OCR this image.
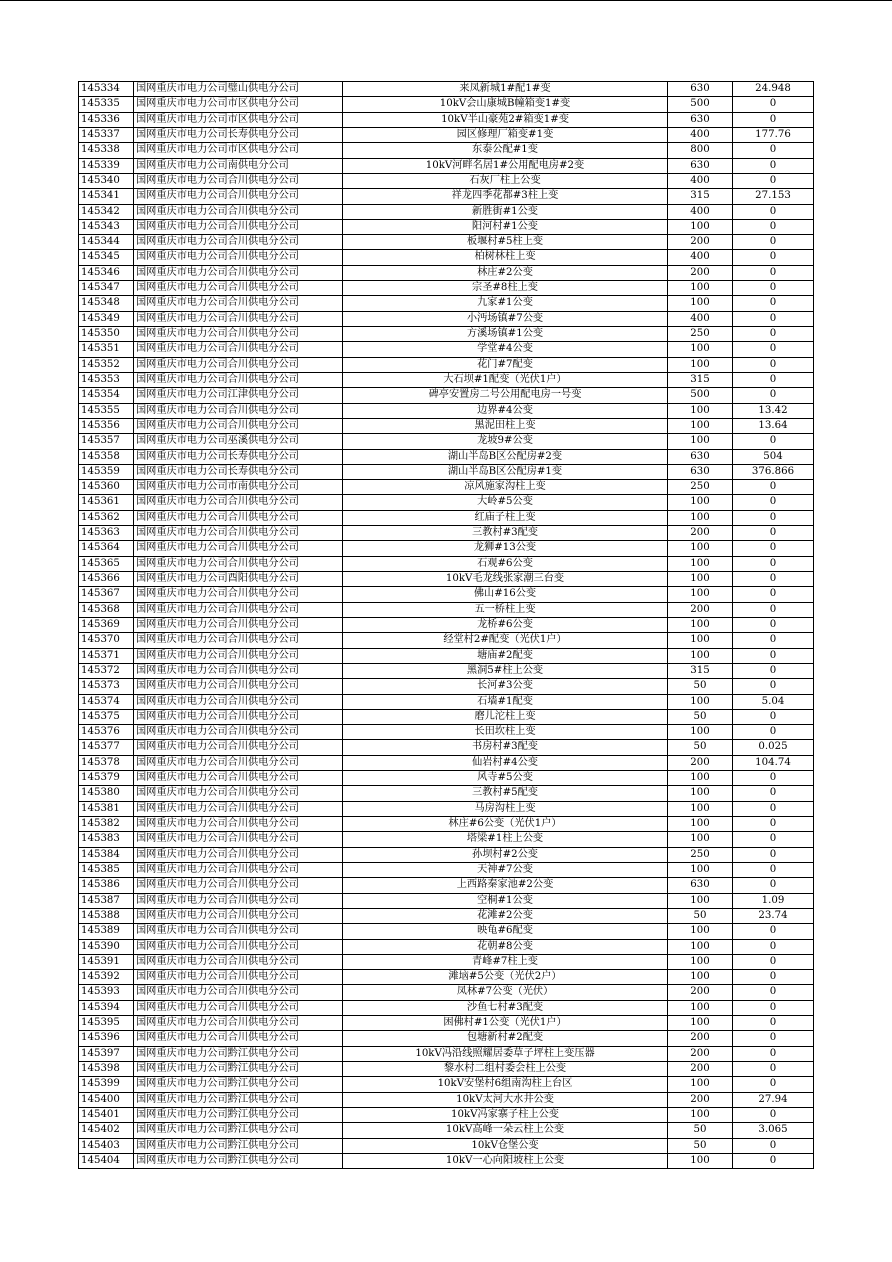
145334	国网重庆市电力公司璧山供电分公司	来凤新城1#配1#变	630	24.948
145335	国网重庆市电力公司市区供电分公司	10kV会山康城B幢箱变1#变	500	0
145336	国网重庆市电力公司市区供电分公司	10kV半山豪苑2#箱变1#变	630	0
145337	国网重庆市电力公司长寿供电分公司	园区修理厂箱变#1变	400	177.76
145338	国网重庆市电力公司市区供电分公司	东泰公配#1变	800	0
145339	国网重庆市电力公司南供电分公司	10kV河畔名居1#公用配电房#2变	630	0
145340	国网重庆市电力公司合川供电分公司	石灰厂柱上公变	400	0
145341	国网重庆市电力公司合川供电分公司	祥龙四季花都#3柱上变	315	27.153
145342	国网重庆市电力公司合川供电分公司	新胜街#1公变	400	0
145343	国网重庆市电力公司合川供电分公司	阳河村#1公变	100	0
145344	国网重庆市电力公司合川供电分公司	板堰村#5柱上变	200	0
145345	国网重庆市电力公司合川供电分公司	柏树林柱上变	400	0
145346	国网重庆市电力公司合川供电分公司	林庄#2公变	200	0
145347	国网重庆市电力公司合川供电分公司	宗圣#8柱上变	100	0
145348	国网重庆市电力公司合川供电分公司	九家#1公变	100	0
145349	国网重庆市电力公司合川供电分公司	小沔场镇#7公变	400	0
145350	国网重庆市电力公司合川供电分公司	方溪场镇#1公变	250	0
145351	国网重庆市电力公司合川供电分公司	学堂#4公变	100	0
145352	国网重庆市电力公司合川供电分公司	花门#7配变	100	0
145353	国网重庆市电力公司合川供电分公司	大石坝#1配变（光伏1户）	315	0
145354	国网重庆市电力公司江津供电分公司	碑亭安置房二号公用配电房一号变	500	0
145355	国网重庆市电力公司合川供电分公司	边界#4公变	100	13.42
145356	国网重庆市电力公司合川供电分公司	黑泥田柱上变	100	13.64
145357	国网重庆市电力公司巫溪供电分公司	龙坡9#公变	100	0
145358	国网重庆市电力公司长寿供电分公司	湖山半岛B区公配房#2变	630	504
145359	国网重庆市电力公司长寿供电分公司	湖山半岛B区公配房#1变	630	376.866
145360	国网重庆市电力公司市南供电分公司	凉风施家沟柱上变	250	0
145361	国网重庆市电力公司合川供电分公司	大岭#5公变	100	0
145362	国网重庆市电力公司合川供电分公司	红庙子柱上变	100	0
145363	国网重庆市电力公司合川供电分公司	三教村#3配变	200	0
145364	国网重庆市电力公司合川供电分公司	龙狮#13公变	100	0
145365	国网重庆市电力公司合川供电分公司	石观#6公变	100	0
145366	国网重庆市电力公司酉阳供电分公司	10kV毛龙线张家潮三台变	100	0
145367	国网重庆市电力公司合川供电分公司	佛山#16公变	100	0
145368	国网重庆市电力公司合川供电分公司	五一桥柱上变	200	0
145369	国网重庆市电力公司合川供电分公司	龙桥#6公变	100	0
145370	国网重庆市电力公司合川供电分公司	经堂村2#配变（光伏1户）	100	0
145371	国网重庆市电力公司合川供电分公司	塘庙#2配变	100	0
145372	国网重庆市电力公司合川供电分公司	黑洞5#柱上公变	315	0
145373	国网重庆市电力公司合川供电分公司	长河#3公变	50	0
145374	国网重庆市电力公司合川供电分公司	石墙#1配变	100	5.04
145375	国网重庆市电力公司合川供电分公司	磨儿沱柱上变	50	0
145376	国网重庆市电力公司合川供电分公司	长田坎柱上变	100	0
145377	国网重庆市电力公司合川供电分公司	书房村#3配变	50	0.025
145378	国网重庆市电力公司合川供电分公司	仙岩村#4公变	200	104.74
145379	国网重庆市电力公司合川供电分公司	风寺#5公变	100	0
145380	国网重庆市电力公司合川供电分公司	三教村#5配变	100	0
145381	国网重庆市电力公司合川供电分公司	马房沟柱上变	100	0
145382	国网重庆市电力公司合川供电分公司	林庄#6公变（光伏1户）	100	0
145383	国网重庆市电力公司合川供电分公司	塔梁#1柱上公变	100	0
145384	国网重庆市电力公司合川供电分公司	孙坝村#2公变	250	0
145385	国网重庆市电力公司合川供电分公司	天神#7公变	100	0
145386	国网重庆市电力公司合川供电分公司	上西路秦家池#2公变	630	0
145387	国网重庆市电力公司合川供电分公司	空桐#1公变	100	1.09
145388	国网重庆市电力公司合川供电分公司	花滩#2公变	50	23.74
145389	国网重庆市电力公司合川供电分公司	映龟#6配变	100	0
145390	国网重庆市电力公司合川供电分公司	花朝#8公变	100	0
145391	国网重庆市电力公司合川供电分公司	青峰#7柱上变	100	0
145392	国网重庆市电力公司合川供电分公司	滩垴#5公变（光伏2户）	100	0
145393	国网重庆市电力公司合川供电分公司	凤林#7公变（光伏）	200	0
145394	国网重庆市电力公司合川供电分公司	沙鱼七村#3配变	100	0
145395	国网重庆市电力公司合川供电分公司	困佛村#1公变（光伏1户）	100	0
145396	国网重庆市电力公司合川供电分公司	包塘新村#2配变	200	0
145397	国网重庆市电力公司黔江供电分公司	10kV冯沿线照耀居委草子坪柱上变压器	200	0
145398	国网重庆市电力公司黔江供电分公司	黎水村二组村委会柱上公变	200	0
145399	国网重庆市电力公司黔江供电分公司	10kV安堡村6组南沟柱上台区	100	0
145400	国网重庆市电力公司黔江供电分公司	10kV太河大水井公变	200	27.94
145401	国网重庆市电力公司黔江供电分公司	10kV冯家寨子柱上公变	100	0
145402	国网重庆市电力公司黔江供电分公司	10kV高峰一朵云柱上公变	50	3.065
145403	国网重庆市电力公司黔江供电分公司	10kV仓堡公变	50	0
145404	国网重庆市电力公司黔江供电分公司	10kV一心向阳坡柱上公变	100	0
